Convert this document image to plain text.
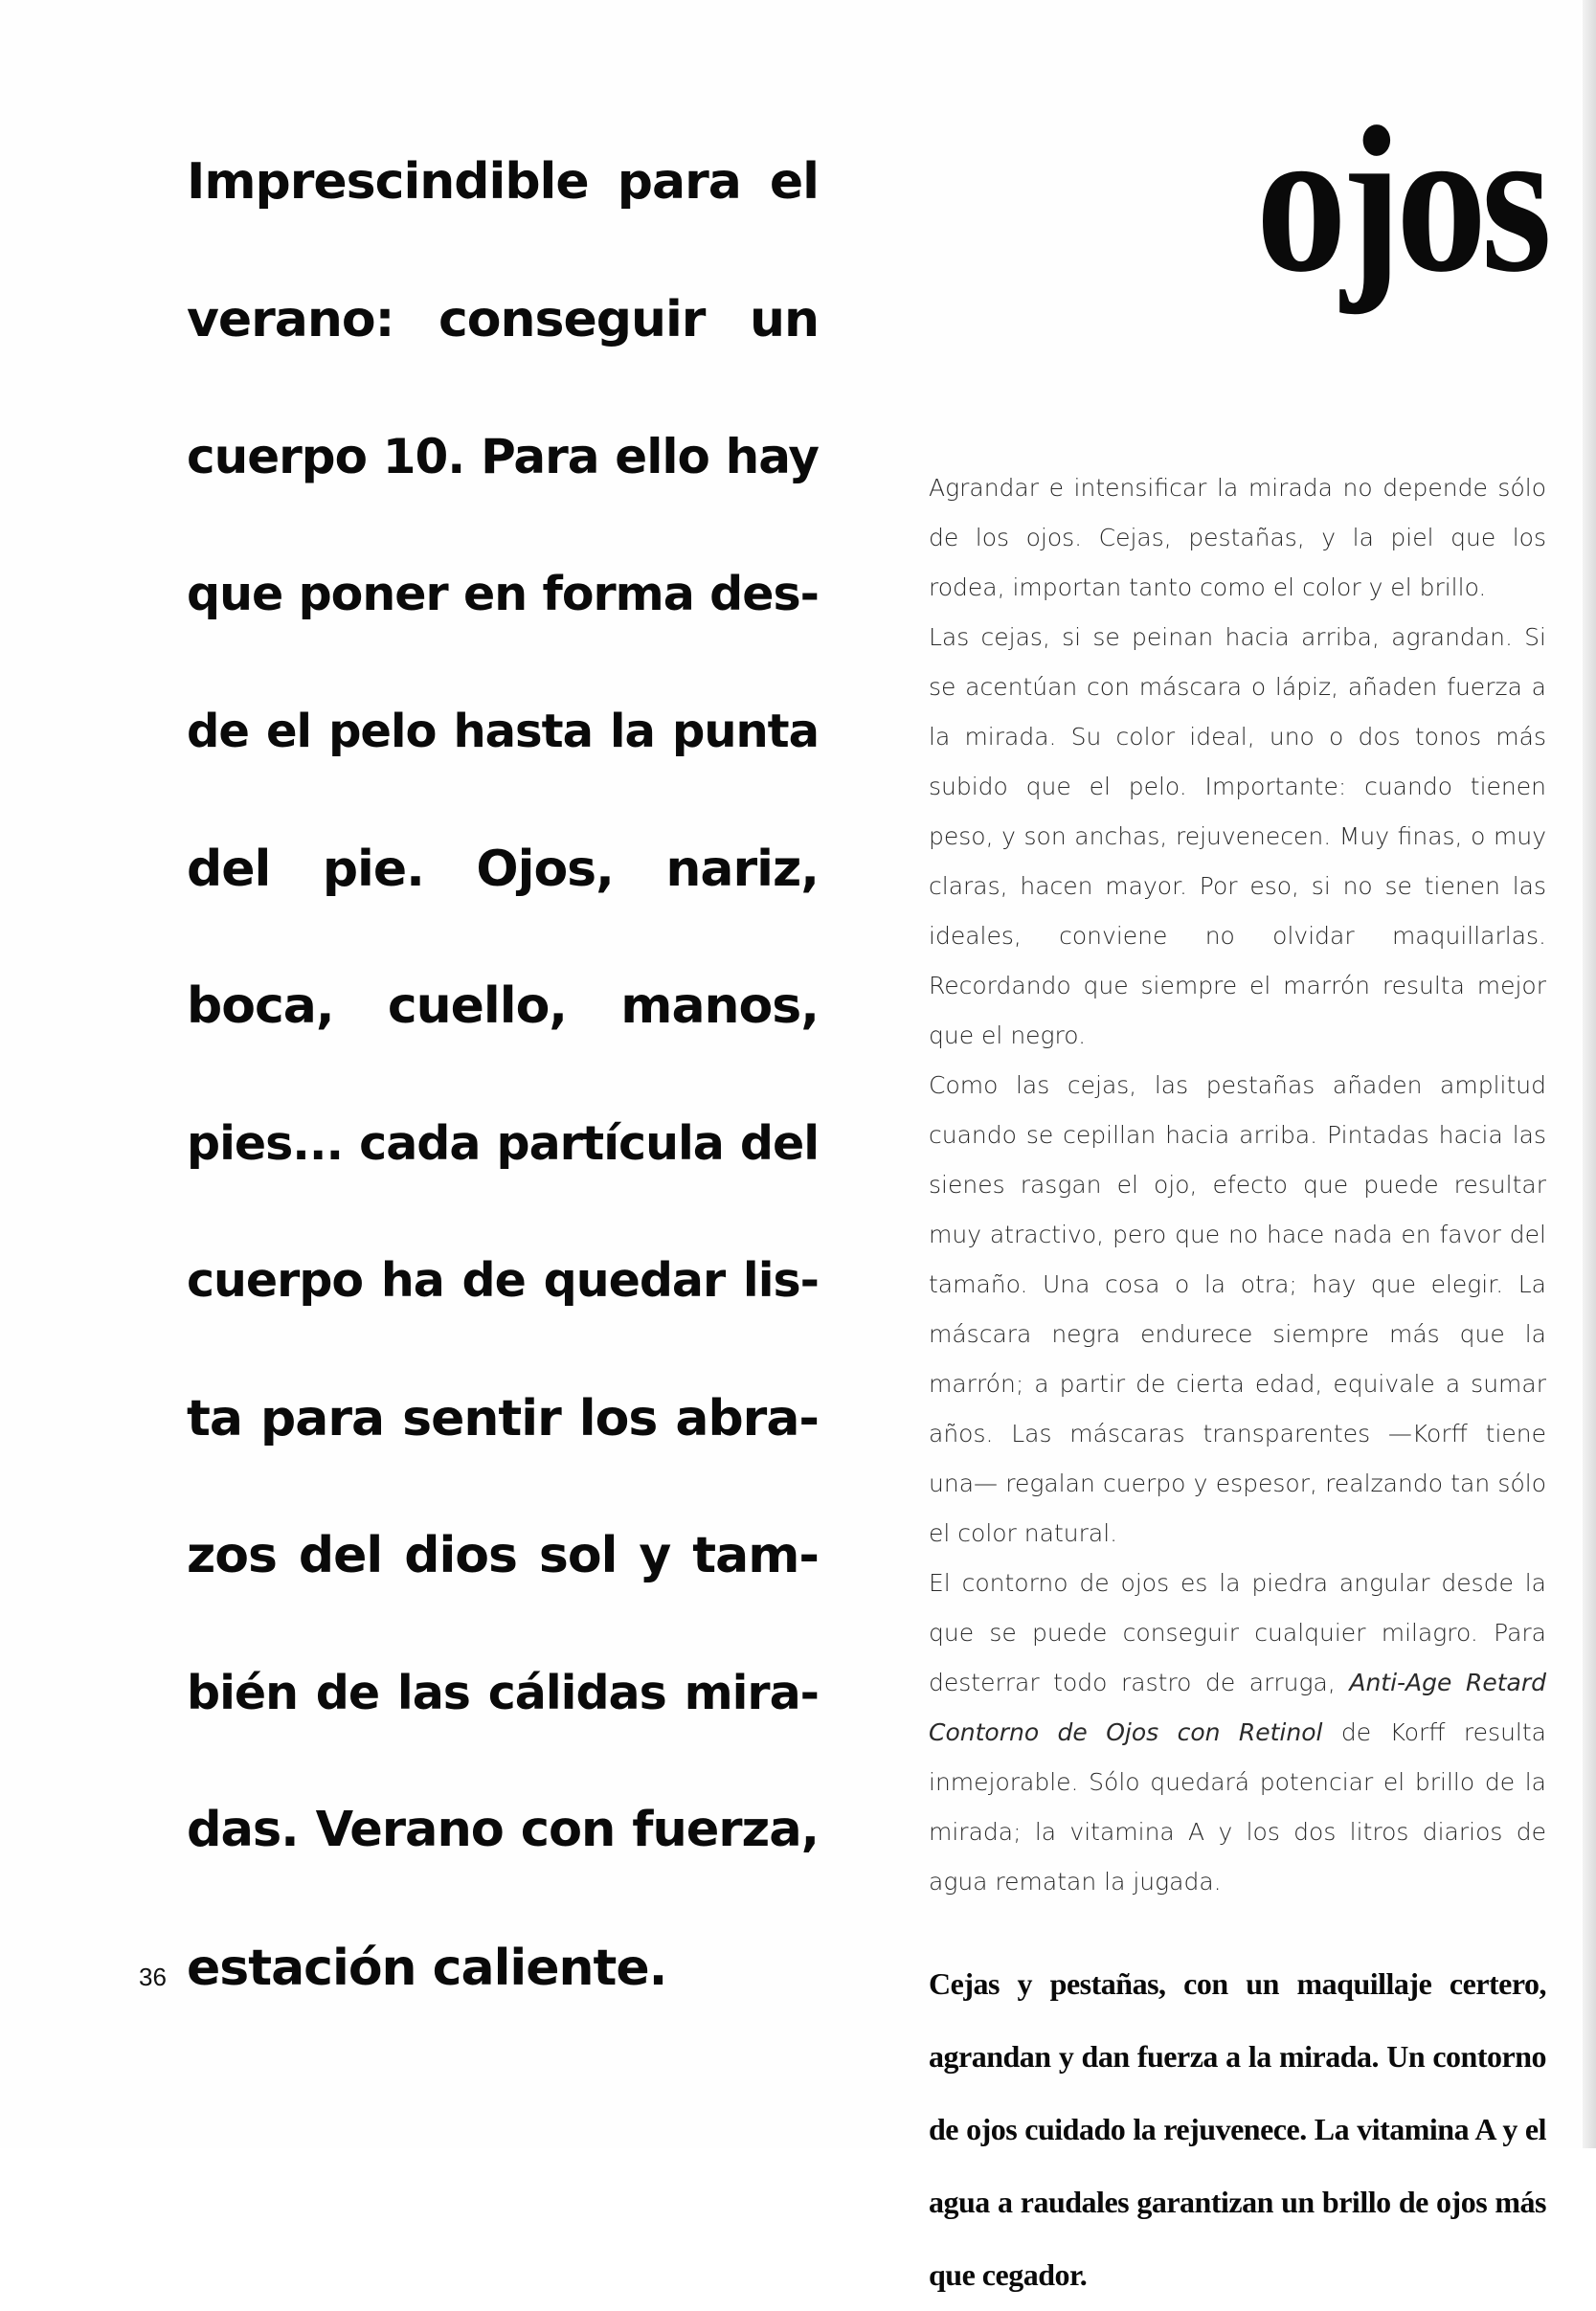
Imprescindible para el
verano: conseguir un
cuerpo 10. Para ello hay
que poner en forma des-
de el pelo hasta la punta
del pie. Ojos, nariz,
boca, cuello, manos,
pies... cada partícula del
cuerpo ha de quedar lis-
ta para sentir los abra-
zos del dios sol y tam-
bién de las cálidas mira-
das. Verano con fuerza,
estación caliente.
36
ojos

Agrandar e intensificar la mirada no depende sólo de los ojos. Cejas, pestañas, y la piel que los rodea, importan tanto como el color y el brillo.

Las cejas, si se peinan hacia arriba, agrandan. Si se acentúan con máscara o lápiz, añaden fuerza a la mirada. Su color ideal, uno o dos tonos más subido que el pelo. Importante: cuando tienen peso, y son anchas, rejuvenecen. Muy finas, o muy claras, hacen mayor. Por eso, si no se tienen las ideales, conviene no olvidar maquillarlas. Recordando que siempre el marrón resulta mejor que el negro.

Como las cejas, las pestañas añaden amplitud cuando se cepillan hacia arriba. Pintadas hacia las sienes rasgan el ojo, efecto que puede resultar muy atractivo, pero que no hace nada en favor del tamaño. Una cosa o la otra; hay que elegir. La máscara negra endurece siempre más que la marrón; a partir de cierta edad, equivale a sumar años. Las máscaras transparentes —Korff tiene una— regalan cuerpo y espesor, realzando tan sólo el color natural.

El contorno de ojos es la piedra angular desde la que se puede conseguir cualquier milagro. Para desterrar todo rastro de arruga, Anti-Age Retard Contorno de Ojos con Retinol de Korff resulta inmejorable. Sólo quedará potenciar el brillo de la mirada; la vitamina A y los dos litros diarios de agua rematan la jugada.

Cejas y pestañas, con un maquillaje certero, agrandan y dan fuerza a la mirada. Un contorno de ojos cuidado la rejuvenece. La vitamina A y el agua a raudales garantizan un brillo de ojos más que cegador.
